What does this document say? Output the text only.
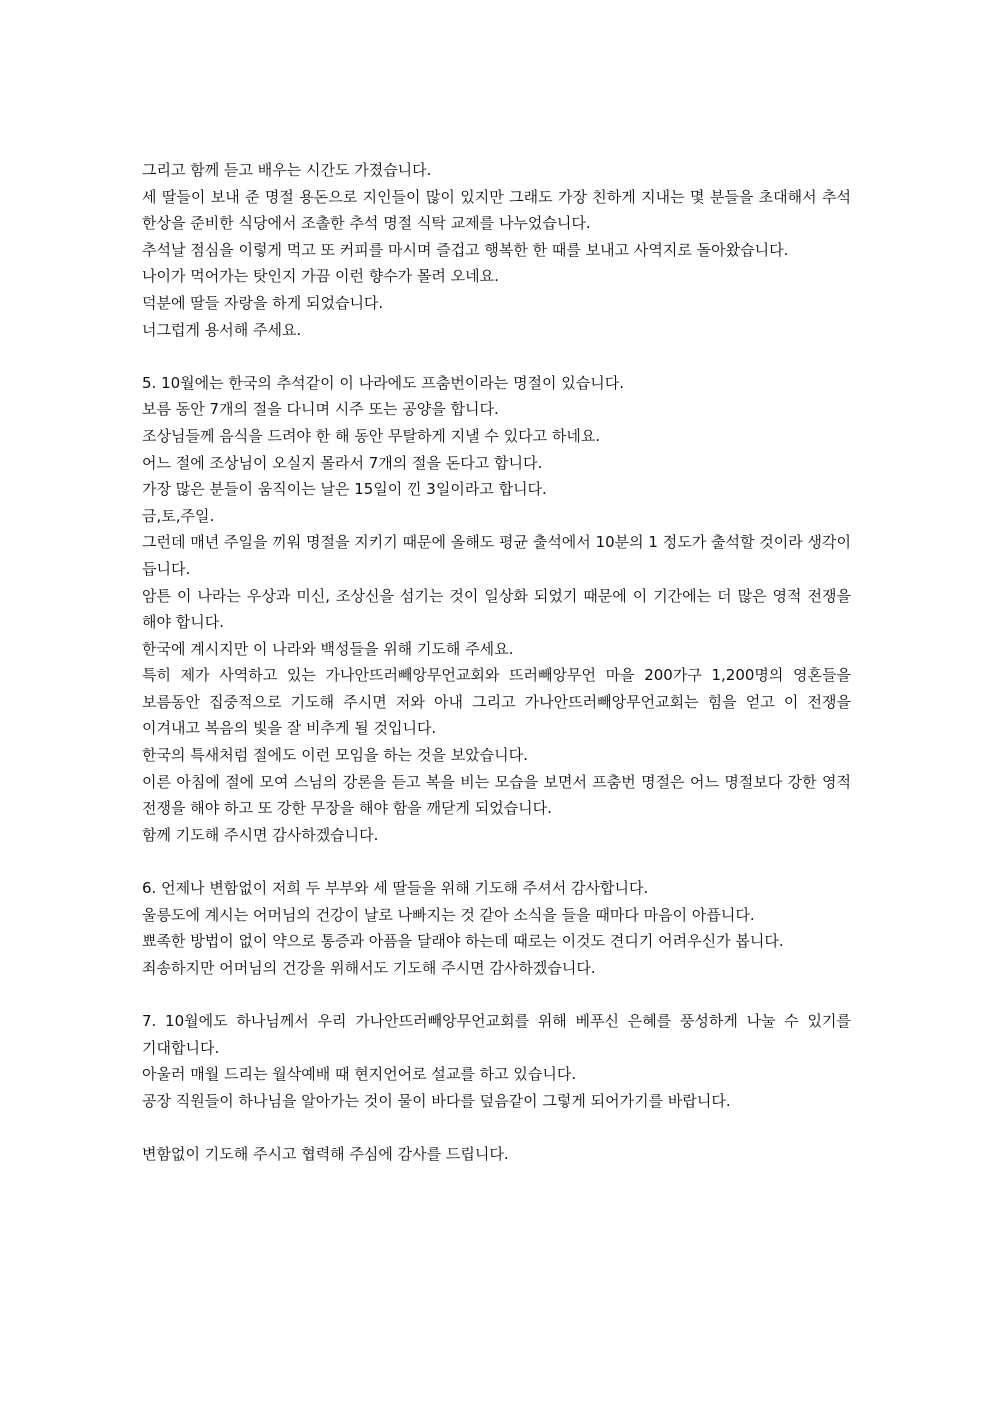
그리고 함께 듣고 배우는 시간도 가졌습니다.

세 딸들이 보내 준 명절 용돈으로 지인들이 많이 있지만 그래도 가장 친하게 지내는 몇 분들을 초대해서 추석 한상을 준비한 식당에서 조촐한 추석 명절 식탁 교제를 나누었습니다.

추석날 점심을 이렇게 먹고 또 커피를 마시며 즐겁고 행복한 한 때를 보내고 사역지로 돌아왔습니다.

나이가 먹어가는 탓인지 가끔 이런 향수가 몰려 오네요.

덕분에 딸들 자랑을 하게 되었습니다.

너그럽게 용서해 주세요.

5. 10월에는 한국의 추석같이 이 나라에도 프춤번이라는 명절이 있습니다.

보름 동안 7개의 절을 다니며 시주 또는 공양을 합니다.

조상님들께 음식을 드려야 한 해 동안 무탈하게 지낼 수 있다고 하네요.

어느 절에 조상님이 오실지 몰라서 7개의 절을 돈다고 합니다.

가장 많은 분들이 움직이는 날은 15일이 낀 3일이라고 합니다.

금,토,주일.

그런데 매년 주일을 끼워 명절을 지키기 때문에 올해도 평균 출석에서 10분의 1 정도가 출석할 것이라 생각이 듭니다.

암튼 이 나라는 우상과 미신, 조상신을 섬기는 것이 일상화 되었기 때문에 이 기간에는 더 많은 영적 전쟁을 해야 합니다.

한국에 계시지만 이 나라와 백성들을 위해 기도해 주세요.

특히 제가 사역하고 있는 가나안뜨러빼앙무언교회와 뜨러빼앙무언 마을 200가구 1,200명의 영혼들을 보름동안 집중적으로 기도해 주시면 저와 아내 그리고 가나안뜨러빼앙무언교회는 힘을 얻고 이 전쟁을 이겨내고 복음의 빛을 잘 비추게 될 것입니다.

한국의 특새처럼 절에도 이런 모임을 하는 것을 보았습니다.

이른 아침에 절에 모여 스님의 강론을 듣고 복을 비는 모습을 보면서 프춤번 명절은 어느 명절보다 강한 영적 전쟁을 해야 하고 또 강한 무장을 해야 함을 깨닫게 되었습니다.

함께 기도해 주시면 감사하겠습니다.

6. 언제나 변함없이 저희 두 부부와 세 딸들을 위해 기도해 주셔서 감사합니다.

울릉도에 계시는 어머님의 건강이 날로 나빠지는 것 같아 소식을 들을 때마다 마음이 아픕니다.

뾰족한 방법이 없이 약으로 통증과 아픔을 달래야 하는데 때로는 이것도 견디기 어려우신가 봅니다.

죄송하지만 어머님의 건강을 위해서도 기도해 주시면 감사하겠습니다.

7. 10월에도 하나님께서 우리 가나안뜨러빼앙무언교회를 위해 베푸신 은혜를 풍성하게 나눌 수 있기를 기대합니다.

아울러 매월 드리는 월삭예배 때 현지언어로 설교를 하고 있습니다.

공장 직원들이 하나님을 알아가는 것이 물이 바다를 덮음같이 그렇게 되어가기를 바랍니다.

변함없이 기도해 주시고 협력해 주심에 감사를 드립니다.
